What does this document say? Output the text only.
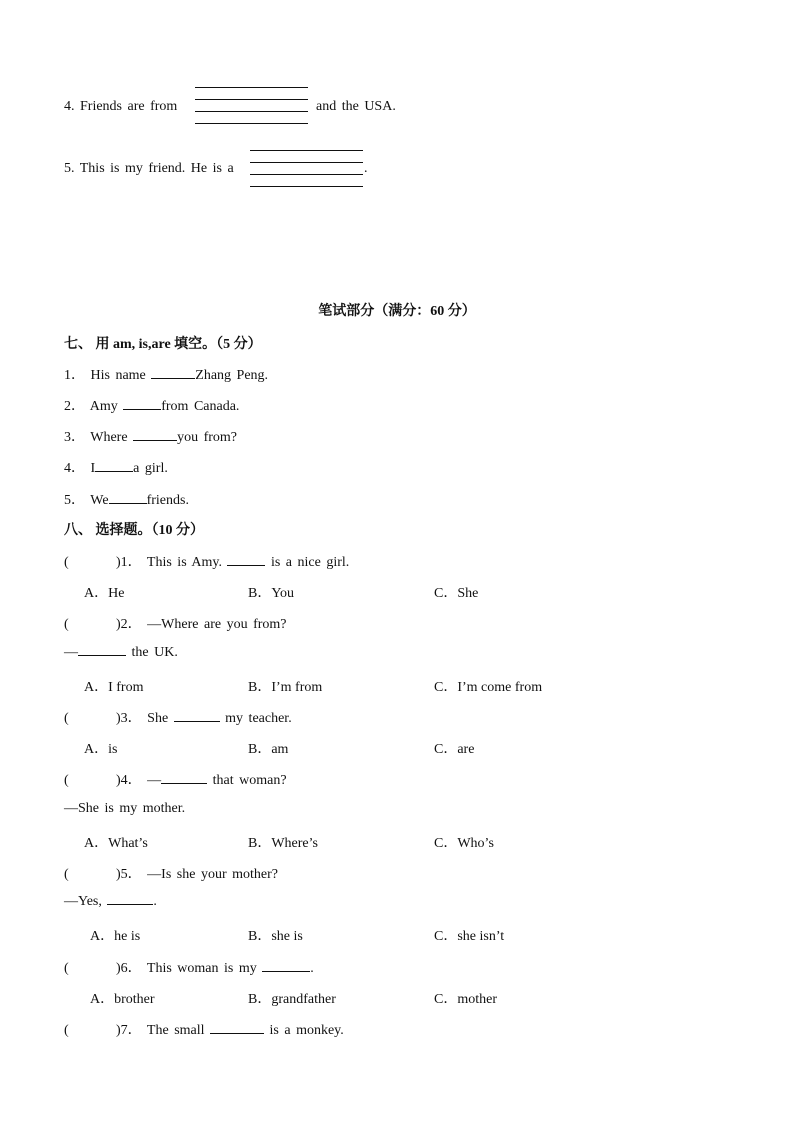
4. Friends are from	and the USA.
5. This is my friend. He is a	.
笔试部分（满分：60 分）
七、 用 am, is,are 填空。（5 分）
1． His name	Zhang Peng.
2． Amy	from Canada.
3． Where	you from?
4． I	a girl.
5． We	friends.
八、 选择题。（10 分）
(	)1． This is Amy.	is a nice girl.
A．He	B．You	C．She
(	)2． —Where are you from?
—	the UK.
A．I from	B．I’m from	C．I’m come from
(	)3． She	my teacher.
A．is	B．am	C．are
(	)4． —	that woman?
—She is my mother.
A．What’s	B．Where’s	C．Who’s
(	)5． —Is she your mother?
—Yes,	.
A．he is	B．she is	C．she isn’t
(	)6． This woman is my	.
A．brother	B．grandfather	C．mother
(	)7． The small	is a monkey.
